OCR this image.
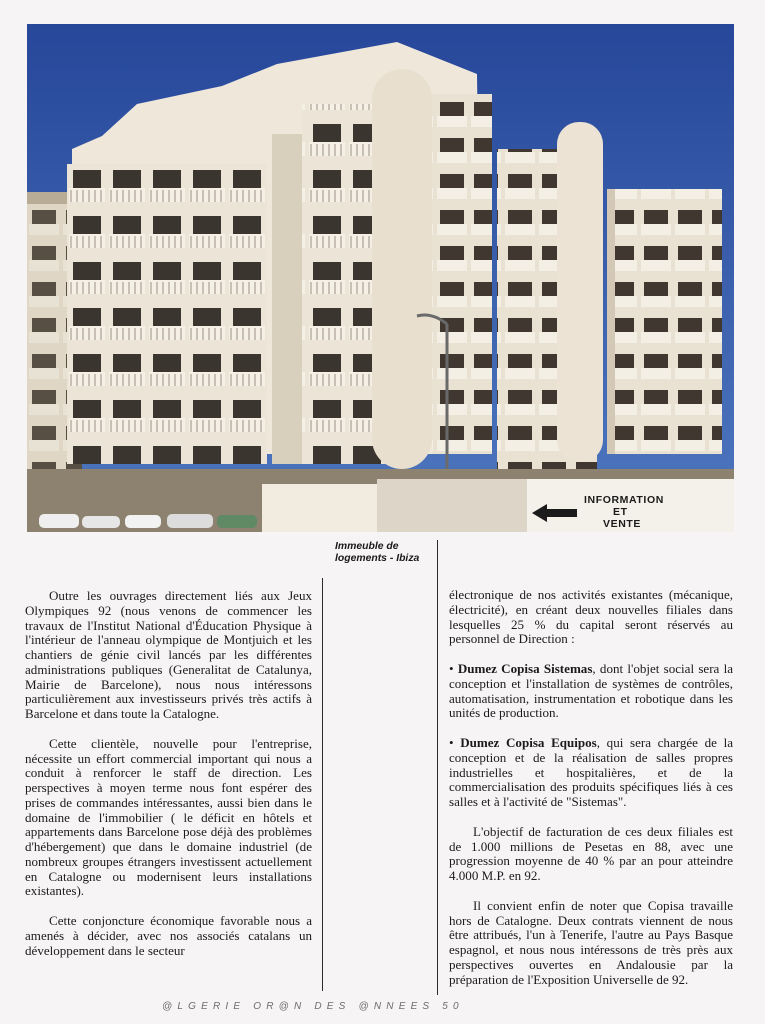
INFORMATION
ET
VENTE
Immeuble de
logements - Ibiza

Outre les ouvrages directement liés aux Jeux Olympiques 92 (nous venons de commencer les travaux de l'Institut National d'Éducation Physique à l'intérieur de l'anneau olympique de Montjuich et les chantiers de génie civil lancés par les différentes administrations publiques (Generalitat de Catalunya, Mairie de Barcelone), nous nous intéressons particulièrement aux investisseurs privés très actifs à Barcelone et dans toute la Catalogne.

Cette clientèle, nouvelle pour l'entreprise, nécessite un effort commercial important qui nous a conduit à renforcer le staff de direction. Les perspectives à moyen terme nous font espérer des prises de commandes intéressantes, aussi bien dans le domaine de l'immobilier ( le déficit en hôtels et appartements dans Barcelone pose déjà des problèmes d'hébergement) que dans le domaine industriel (de nombreux groupes étrangers investissent actuellement en Catalogne ou modernisent leurs installations existantes).

Cette conjoncture économique favorable nous a amenés à décider, avec nos associés catalans un développement dans le secteur

électronique de nos activités existantes (mécanique, électricité), en créant deux nouvelles filiales dans lesquelles 25 % du capital seront réservés au personnel de Direction :

• Dumez Copisa Sistemas, dont l'objet social sera la conception et l'installation de systèmes de contrôles, automatisation, instrumentation et robotique dans les unités de production.

• Dumez Copisa Equipos, qui sera chargée de la conception et de la réalisation de salles propres industrielles et hospitalières, et de la commercialisation des produits spécifiques liés à ces salles et à l'activité de "Sistemas".

L'objectif de facturation de ces deux filiales est de 1.000 millions de Pesetas en 88, avec une progression moyenne de 40 % par an pour atteindre 4.000 M.P. en 92.

Il convient enfin de noter que Copisa travaille hors de Catalogne. Deux contrats viennent de nous être attribués, l'un à Tenerife, l'autre au Pays Basque espagnol, et nous nous intéressons de très près aux perspectives ouvertes en Andalousie par la préparation de l'Exposition Universelle de 92.

@LGERIE OR@N DES @NNEES 50
